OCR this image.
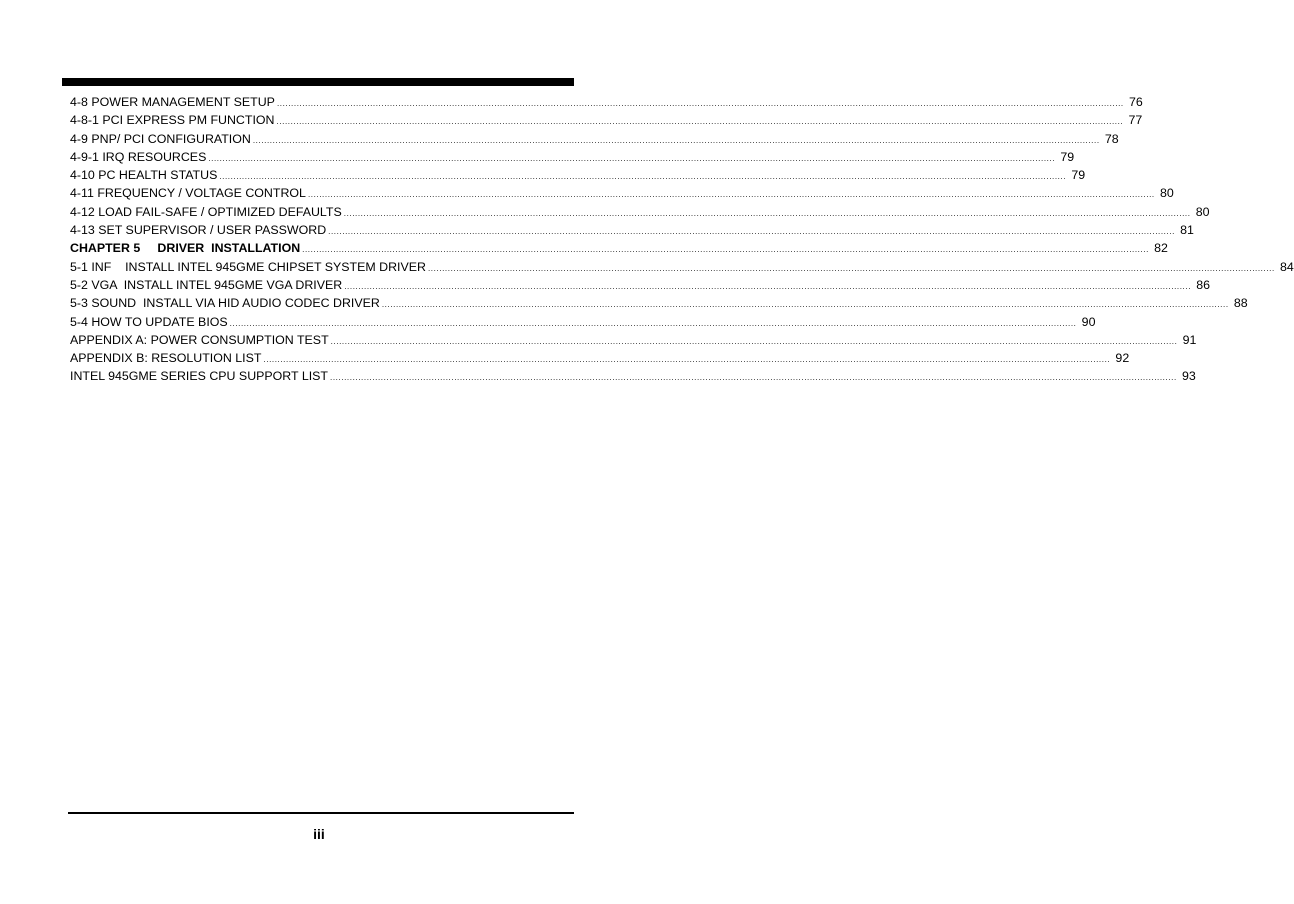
4-8 POWER MANAGEMENT SETUP ............................................................................................................................................................................................................................................................................................................ 76
4-8-1 PCI EXPRESS PM FUNCTION ............................................................................................................................................................................................................................................................................................................ 77
4-9 PNP/ PCI CONFIGURATION ............................................................................................................................................................................................................................................................................................................ 78
4-9-1 IRQ RESOURCES ............................................................................................................................................................................................................................................................................................................ 79
4-10 PC HEALTH STATUS ............................................................................................................................................................................................................................................................................................................ 79
4-11 FREQUENCY / VOLTAGE CONTROL ............................................................................................................................................................................................................................................................................................................ 80
4-12 LOAD FAIL-SAFE / OPTIMIZED DEFAULTS ............................................................................................................................................................................................................................................................................................................ 80
4-13 SET SUPERVISOR / USER PASSWORD ............................................................................................................................................................................................................................................................................................................ 81
CHAPTER 5     DRIVER  INSTALLATION ............................................................................................................................................................................................................................................................................................................ 82
5-1 INF    INSTALL INTEL 945GME CHIPSET SYSTEM DRIVER ............................................................................................................................................................................................................................................................................................................ 84
5-2 VGA  INSTALL INTEL 945GME VGA DRIVER ............................................................................................................................................................................................................................................................................................................ 86
5-3 SOUND  INSTALL VIA HID AUDIO CODEC DRIVER ............................................................................................................................................................................................................................................................................................................ 88
5-4 HOW TO UPDATE BIOS ............................................................................................................................................................................................................................................................................................................ 90
APPENDIX A: POWER CONSUMPTION TEST ............................................................................................................................................................................................................................................................................................................ 91
APPENDIX B: RESOLUTION LIST ............................................................................................................................................................................................................................................................................................................ 92
INTEL 945GME SERIES CPU SUPPORT LIST ............................................................................................................................................................................................................................................................................................................ 93
iii
